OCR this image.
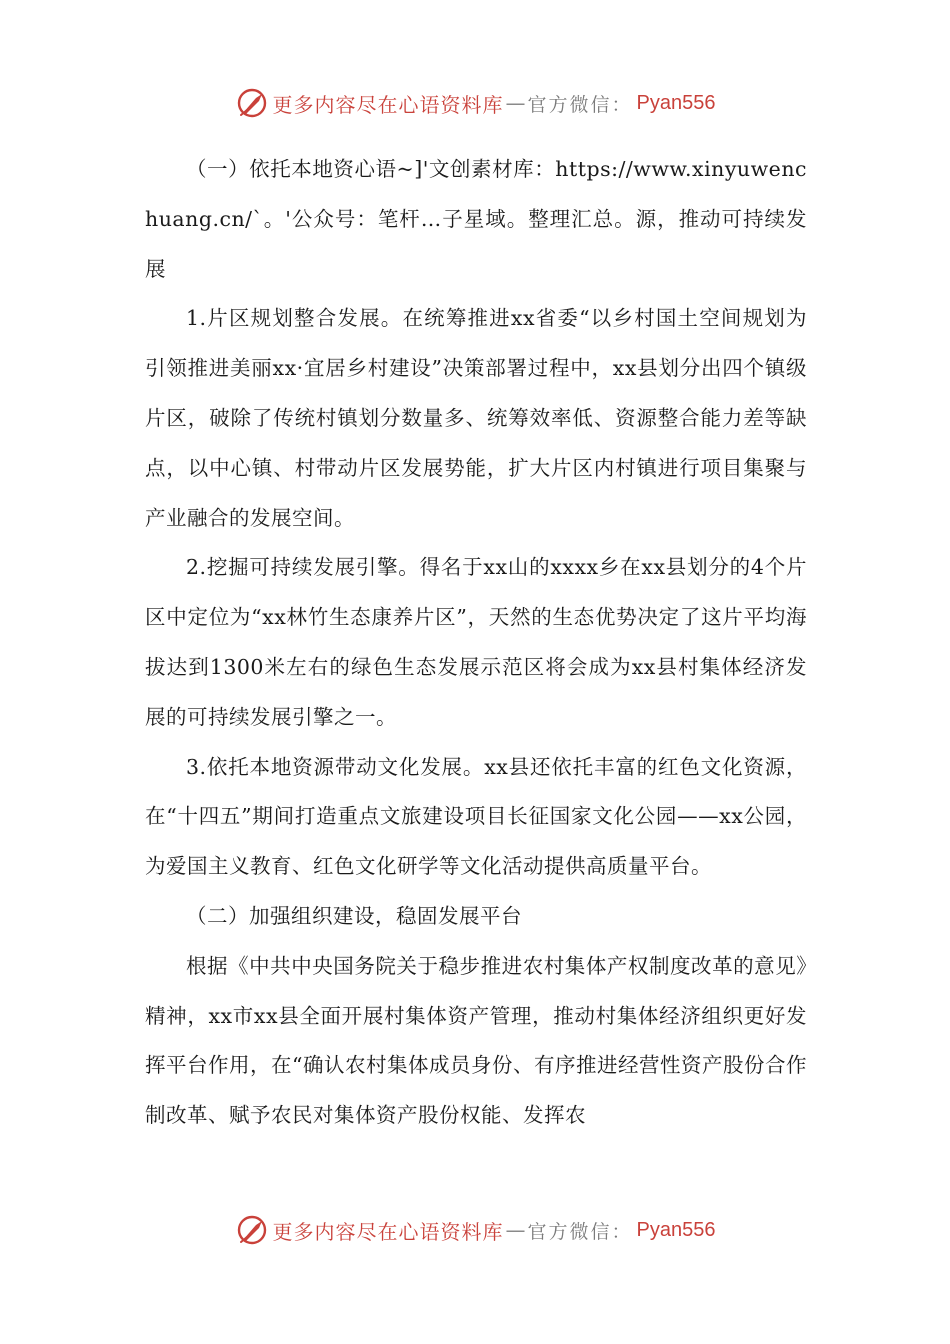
更多内容尽在心语资料库 — 官方微信： Pyan556

（一）依托本地资心语~]'文创素材库：https://www.xinyuwenchuang.cn/`。'公众号：笔杆…子星域。整理汇总。源，推动可持续发展

1.片区规划整合发展。在统筹推进xx省委“以乡村国土空间规划为引领推进美丽xx·宜居乡村建设”决策部署过程中，xx县划分出四个镇级片区，破除了传统村镇划分数量多、统筹效率低、资源整合能力差等缺点，以中心镇、村带动片区发展势能，扩大片区内村镇进行项目集聚与产业融合的发展空间。

2.挖掘可持续发展引擎。得名于xx山的xxxx乡在xx县划分的4个片区中定位为“xx林竹生态康养片区”，天然的生态优势决定了这片平均海拔达到1300米左右的绿色生态发展示范区将会成为xx县村集体经济发展的可持续发展引擎之一。

3.依托本地资源带动文化发展。xx县还依托丰富的红色文化资源，在“十四五”期间打造重点文旅建设项目长征国家文化公园——xx公园，为爱国主义教育、红色文化研学等文化活动提供高质量平台。

（二）加强组织建设，稳固发展平台

根据《中共中央国务院关于稳步推进农村集体产权制度改革的意见》精神，xx市xx县全面开展村集体资产管理，推动村集体经济组织更好发挥平台作用，在“确认农村集体成员身份、有序推进经营性资产股份合作制改革、赋予农民对集体资产股份权能、发挥农

更多内容尽在心语资料库 — 官方微信： Pyan556
